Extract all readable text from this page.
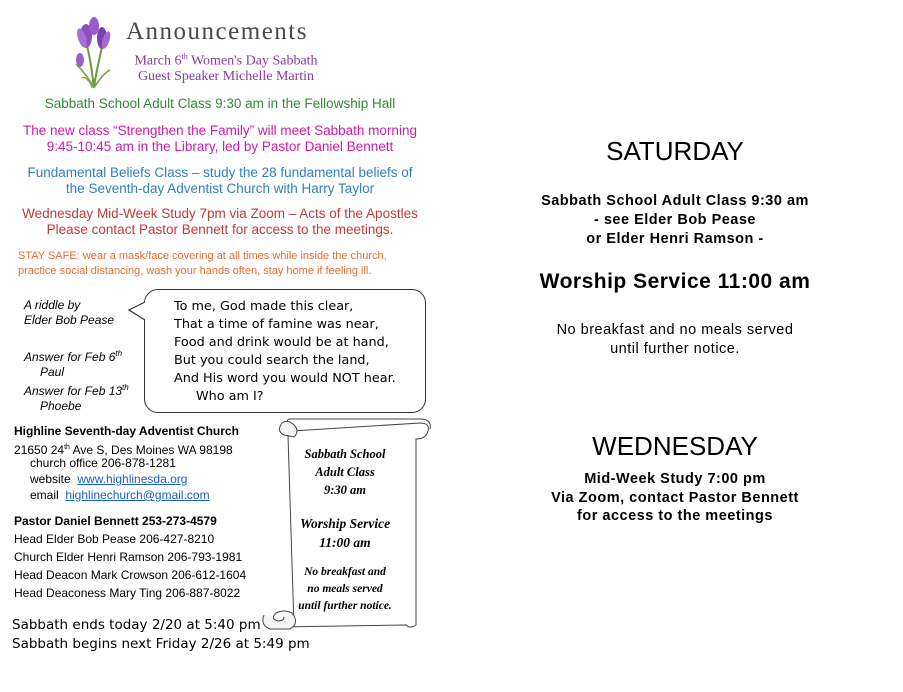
Announcements
March 6th Women's Day Sabbath
Guest Speaker Michelle Martin
Sabbath School Adult Class 9:30 am in the Fellowship Hall
The new class “Strengthen the Family” will meet Sabbath morning
9:45-10:45 am in the Library, led by Pastor Daniel Bennett
Fundamental Beliefs Class – study the 28 fundamental beliefs of
the Seventh-day Adventist Church with Harry Taylor
Wednesday Mid-Week Study 7pm via Zoom – Acts of the Apostles
Please contact Pastor Bennett for access to the meetings.
STAY SAFE: wear a mask/face covering at all times while inside the church,
practice social distancing, wash your hands often, stay home if feeling ill.
A riddle by
Elder Bob Pease
Answer for Feb 6th
Paul
Answer for Feb 13th
Phoebe
To me, God made this clear,
That a time of famine was near,
Food and drink would be at hand,
But you could search the land,
And His word you would NOT hear.
Who am I?
Highline Seventh-day Adventist Church
21650 24th Ave S, Des Moines WA 98198
church office 206-878-1281
website  www.highlinesda.org
email  highlinechurch@gmail.com
Pastor Daniel Bennett 253-273-4579
Head Elder Bob Pease 206-427-8210
Church Elder Henri Ramson 206-793-1981
Head Deacon Mark Crowson 206-612-1604
Head Deaconess Mary Ting 206-887-8022
Sabbath ends today 2/20 at 5:40 pm
Sabbath begins next Friday 2/26 at 5:49 pm
Sabbath School
Adult Class
9:30 am
Worship Service
11:00 am
No breakfast and
no meals served
until further notice.
SATURDAY
Sabbath School Adult Class 9:30 am
- see Elder Bob Pease
or Elder Henri Ramson -
Worship Service 11:00 am
No breakfast and no meals served
until further notice.
WEDNESDAY
Mid-Week Study 7:00 pm
Via Zoom, contact Pastor Bennett
for access to the meetings
